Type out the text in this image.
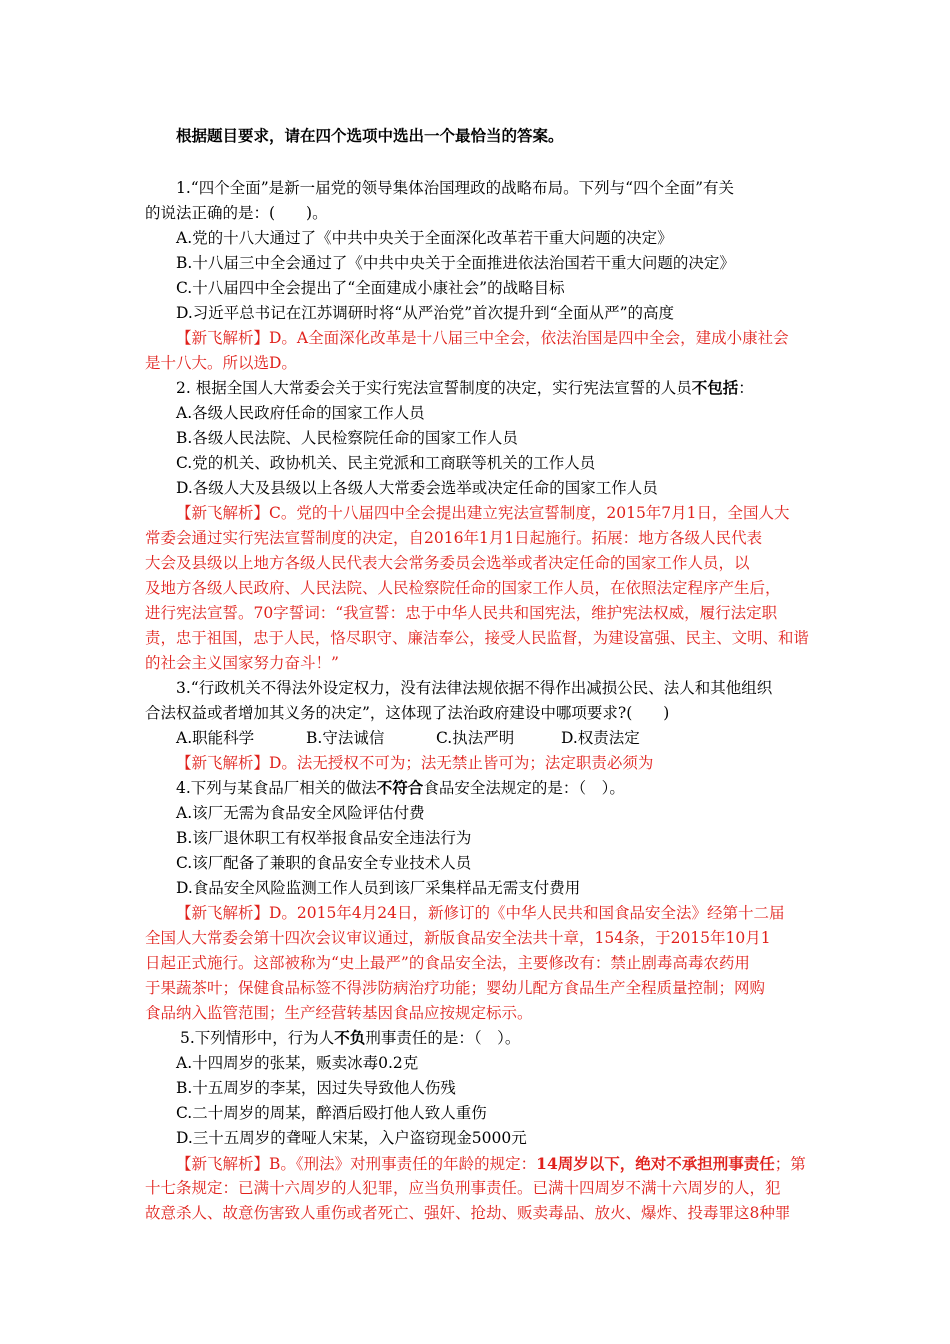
根据题目要求，请在四个选项中选出一个最恰当的答案。
1.“四个全面”是新一届党的领导集体治国理政的战略布局。下列与“四个全面”有关
的说法正确的是：(　　)。
A.党的十八大通过了《中共中央关于全面深化改革若干重大问题的决定》
B.十八届三中全会通过了《中共中央关于全面推进依法治国若干重大问题的决定》
C.十八届四中全会提出了“全面建成小康社会”的战略目标
D.习近平总书记在江苏调研时将“从严治党”首次提升到“全面从严”的高度
【新飞解析】D。A全面深化改革是十八届三中全会，依法治国是四中全会，建成小康社会
是十八大。所以选D。
2. 根据全国人大常委会关于实行宪法宣誓制度的决定，实行宪法宣誓的人员不包括：
A.各级人民政府任命的国家工作人员
B.各级人民法院、人民检察院任命的国家工作人员
C.党的机关、政协机关、民主党派和工商联等机关的工作人员
D.各级人大及县级以上各级人大常委会选举或决定任命的国家工作人员
【新飞解析】C。党的十八届四中全会提出建立宪法宣誓制度，2015年7月1日，全国人大
常委会通过实行宪法宣誓制度的决定，自2016年1月1日起施行。拓展：地方各级人民代表
大会及县级以上地方各级人民代表大会常务委员会选举或者决定任命的国家工作人员，以
及地方各级人民政府、人民法院、人民检察院任命的国家工作人员，在依照法定程序产生后，
进行宪法宣誓。70字誓词：“我宣誓：忠于中华人民共和国宪法，维护宪法权威，履行法定职
责，忠于祖国，忠于人民，恪尽职守、廉洁奉公，接受人民监督，为建设富强、民主、文明、和谐
的社会主义国家努力奋斗！”
3.“行政机关不得法外设定权力，没有法律法规依据不得作出减损公民、法人和其他组织
合法权益或者增加其义务的决定”，这体现了法治政府建设中哪项要求?(　　)
A.职能科学	B.守法诚信	C.执法严明	D.权责法定
【新飞解析】D。法无授权不可为；法无禁止皆可为；法定职责必须为
4.下列与某食品厂相关的做法不符合食品安全法规定的是：（　）。
A.该厂无需为食品安全风险评估付费
B.该厂退休职工有权举报食品安全违法行为
C.该厂配备了兼职的食品安全专业技术人员
D.食品安全风险监测工作人员到该厂采集样品无需支付费用
【新飞解析】D。2015年4月24日，新修订的《中华人民共和国食品安全法》经第十二届
全国人大常委会第十四次会议审议通过，新版食品安全法共十章，154条，于2015年10月1
日起正式施行。这部被称为“史上最严”的食品安全法，主要修改有：禁止剧毒高毒农药用
于果蔬茶叶；保健食品标签不得涉防病治疗功能；婴幼儿配方食品生产全程质量控制；网购
食品纳入监管范围；生产经营转基因食品应按规定标示。
5.下列情形中，行为人不负刑事责任的是：（　）。
A.十四周岁的张某，贩卖冰毒0.2克
B.十五周岁的李某，因过失导致他人伤残
C.二十周岁的周某，醉酒后殴打他人致人重伤
D.三十五周岁的聋哑人宋某，入户盗窃现金5000元
【新飞解析】B。《刑法》对刑事责任的年龄的规定：14周岁以下，绝对不承担刑事责任；第
十七条规定：已满十六周岁的人犯罪，应当负刑事责任。已满十四周岁不满十六周岁的人，犯
故意杀人、故意伤害致人重伤或者死亡、强奸、抢劫、贩卖毒品、放火、爆炸、投毒罪这8种罪
